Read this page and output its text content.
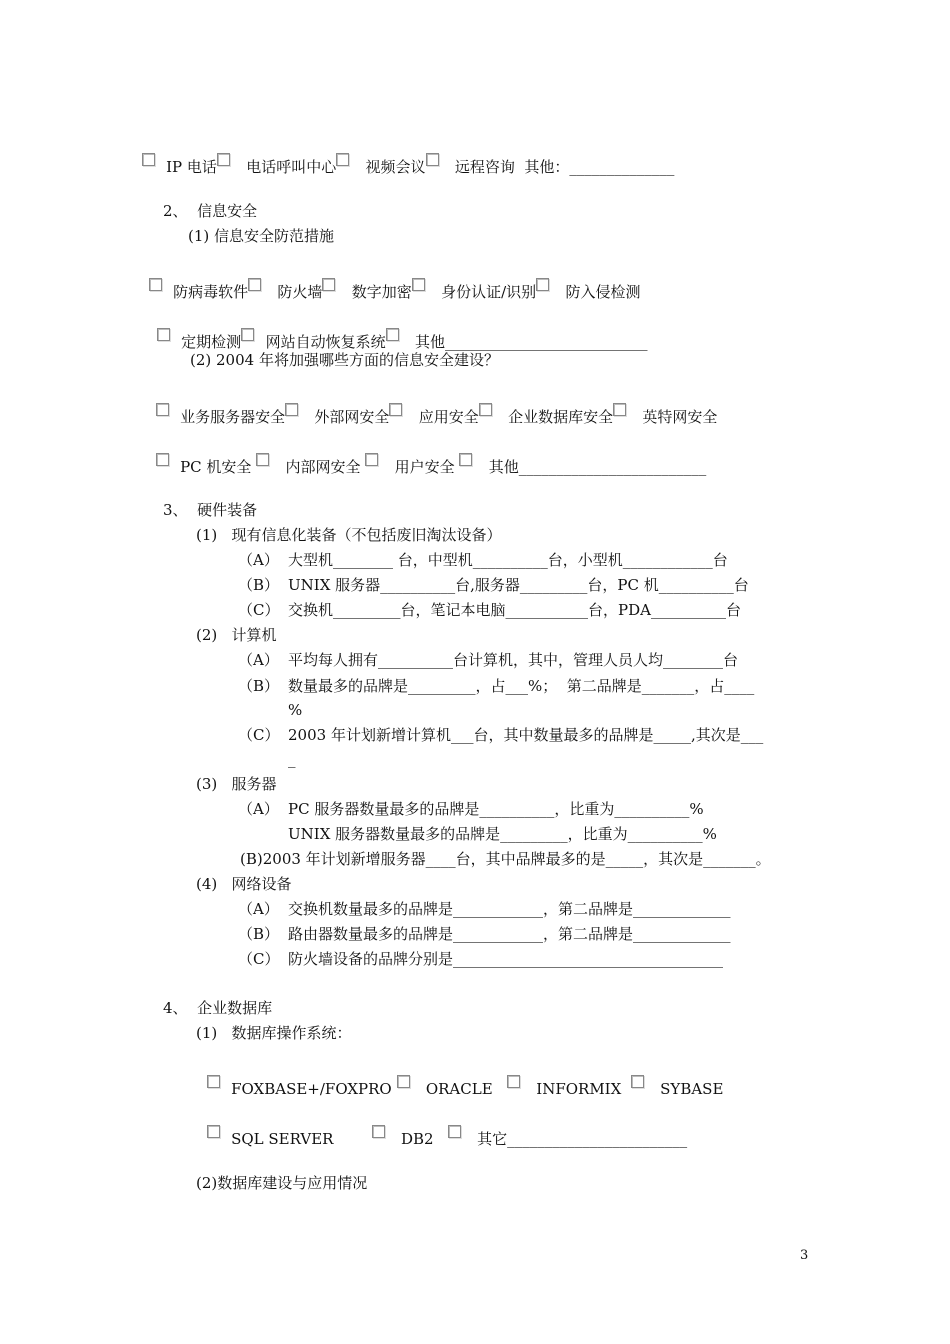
IP 电话 电话呼叫中心 视频会议 远程咨询 其他：______________

2、  信息安全
(1) 信息安全防范措施

防病毒软件 防火墙 数字加密 身份认证/识别 防入侵检测

定期检测 网站自动恢复系统 其他___________________________

(2) 2004 年将加强哪些方面的信息安全建设？

业务服务器安全 外部网安全 应用安全 企业数据库安全 英特网安全

PC 机安全 内部网安全 用户安全 其他_________________________

3、  硬件装备
(1)   现有信息化装备（不包括废旧淘汰设备）
（A） 大型机________ 台，中型机__________台，小型机____________台
（B） UNIX 服务器__________台,服务器_________台，PC 机__________台
（C） 交换机_________台，笔记本电脑___________台，PDA__________台
(2)   计算机
（A） 平均每人拥有__________台计算机，其中，管理人员人均________台
（B） 数量最多的品牌是_________，占___%；  第二品牌是_______，占____
%
（C） 2003 年计划新增计算机___台，其中数量最多的品牌是_____,其次是___
_
(3)   服务器
（A） PC 服务器数量最多的品牌是__________，比重为__________%
UNIX 服务器数量最多的品牌是_________，比重为__________%
(B)2003 年计划新增服务器____台，其中品牌最多的是_____，其次是_______。
(4)   网络设备
（A） 交换机数量最多的品牌是____________，第二品牌是_____________
（B） 路由器数量最多的品牌是____________，第二品牌是_____________
（C） 防火墙设备的品牌分别是____________________________________
4、  企业数据库
(1)   数据库操作系统：

FOXBASE+/FOXPRO ORACLE	INFORMIX	SYBASE

SQL SERVER	DB2	其它________________________

(2)数据库建设与应用情况
3
